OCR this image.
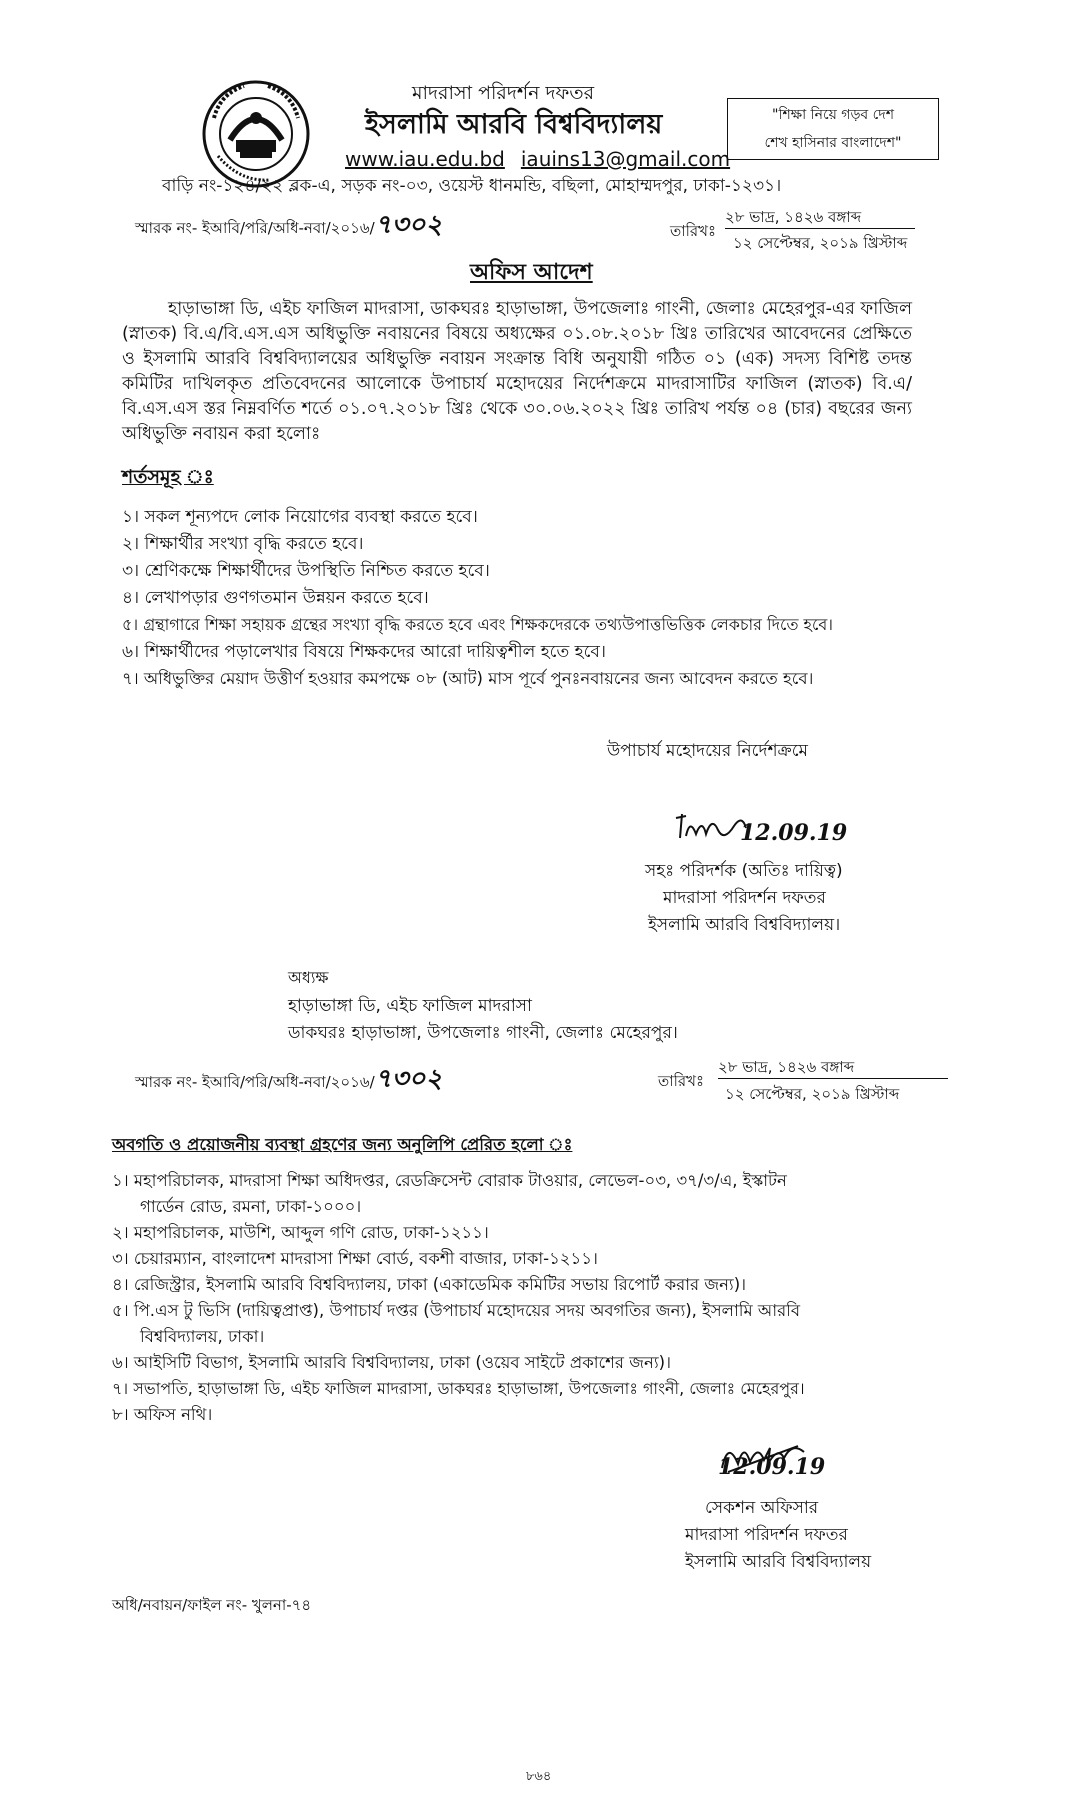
মাদরাসা পরিদর্শন দফতর
ইসলামি আরবি বিশ্ববিদ্যালয়
www.iau.edu.bd iauins13@gmail.com
বাড়ি নং-১২৪/২২ ব্লক-এ, সড়ক নং-০৩, ওয়েস্ট ধানমন্ডি, বছিলা, মোহাম্মদপুর, ঢাকা-১২৩১।
"শিক্ষা নিয়ে গড়ব দেশ
শেখ হাসিনার বাংলাদেশ"
স্মারক নং- ইআবি/পরি/অধি-নবা/২০১৬/৭৩০২	তারিখঃ
২৮ ভাদ্র, ১৪২৬ বঙ্গাব্দ
১২ সেপ্টেম্বর, ২০১৯ খ্রিস্টাব্দ
অফিস আদেশ
হাড়াভাঙ্গা ডি, এইচ ফাজিল মাদরাসা, ডাকঘরঃ হাড়াভাঙ্গা, উপজেলাঃ গাংনী, জেলাঃ মেহেরপুর-এর ফাজিল (স্নাতক) বি.এ/বি.এস.এস অধিভুক্তি নবায়নের বিষয়ে অধ্যক্ষের ০১.০৮.২০১৮ খ্রিঃ তারিখের আবেদনের প্রেক্ষিতে ও ইসলামি আরবি বিশ্ববিদ্যালয়ের অধিভুক্তি নবায়ন সংক্রান্ত বিধি অনুযায়ী গঠিত ০১ (এক) সদস্য বিশিষ্ট তদন্ত কমিটির দাখিলকৃত প্রতিবেদনের আলোকে উপাচার্য মহোদয়ের নির্দেশক্রমে মাদরাসাটির ফাজিল (স্নাতক) বি.এ/বি.এস.এস স্তর নিম্নবর্ণিত শর্তে ০১.০৭.২০১৮ খ্রিঃ থেকে ৩০.০৬.২০২২ খ্রিঃ তারিখ পর্যন্ত ০৪ (চার) বছরের জন্য অধিভুক্তি নবায়ন করা হলোঃ
শর্তসমূহ ঃ
১। সকল শূন্যপদে লোক নিয়োগের ব্যবস্থা করতে হবে।
২। শিক্ষার্থীর সংখ্যা বৃদ্ধি করতে হবে।
৩। শ্রেণিকক্ষে শিক্ষার্থীদের উপস্থিতি নিশ্চিত করতে হবে।
৪। লেখাপড়ার গুণগতমান উন্নয়ন করতে হবে।
৫। গ্রন্থাগারে শিক্ষা সহায়ক গ্রন্থের সংখ্যা বৃদ্ধি করতে হবে এবং শিক্ষকদেরকে তথ্যউপাত্তভিত্তিক লেকচার দিতে হবে।
৬। শিক্ষার্থীদের পড়ালেখার বিষয়ে শিক্ষকদের আরো দায়িত্বশীল হতে হবে।
৭। অধিভুক্তির মেয়াদ উত্তীর্ণ হওয়ার কমপক্ষে ০৮ (আট) মাস পূর্বে পুনঃনবায়নের জন্য আবেদন করতে হবে।
উপাচার্য মহোদয়ের নির্দেশক্রমে
12.09.19
সহঃ পরিদর্শক (অতিঃ দায়িত্ব)
মাদরাসা পরিদর্শন দফতর
ইসলামি আরবি বিশ্ববিদ্যালয়।
অধ্যক্ষ
হাড়াভাঙ্গা ডি, এইচ ফাজিল মাদরাসা
ডাকঘরঃ হাড়াভাঙ্গা, উপজেলাঃ গাংনী, জেলাঃ মেহেরপুর।
স্মারক নং- ইআবি/পরি/অধি-নবা/২০১৬/৭৩০২	তারিখঃ
২৮ ভাদ্র, ১৪২৬ বঙ্গাব্দ
১২ সেপ্টেম্বর, ২০১৯ খ্রিস্টাব্দ
অবগতি ও প্রয়োজনীয় ব্যবস্থা গ্রহণের জন্য অনুলিপি প্রেরিত হলো ঃ
১। মহাপরিচালক, মাদরাসা শিক্ষা অধিদপ্তর, রেডক্রিসেন্ট বোরাক টাওয়ার, লেভেল-০৩, ৩৭/৩/এ, ইস্কাটন
গার্ডেন রোড, রমনা, ঢাকা-১০০০।
২। মহাপরিচালক, মাউশি, আব্দুল গণি রোড, ঢাকা-১২১১।
৩। চেয়ারম্যান, বাংলাদেশ মাদরাসা শিক্ষা বোর্ড, বকশী বাজার, ঢাকা-১২১১।
৪। রেজিস্ট্রার, ইসলামি আরবি বিশ্ববিদ্যালয়, ঢাকা (একাডেমিক কমিটির সভায় রিপোর্ট করার জন্য)।
৫। পি.এস টু ভিসি (দায়িত্বপ্রাপ্ত), উপাচার্য দপ্তর (উপাচার্য মহোদয়ের সদয় অবগতির জন্য), ইসলামি আরবি
বিশ্ববিদ্যালয়, ঢাকা।
৬। আইসিটি বিভাগ, ইসলামি আরবি বিশ্ববিদ্যালয়, ঢাকা (ওয়েব সাইটে প্রকাশের জন্য)।
৭। সভাপতি, হাড়াভাঙ্গা ডি, এইচ ফাজিল মাদরাসা, ডাকঘরঃ হাড়াভাঙ্গা, উপজেলাঃ গাংনী, জেলাঃ মেহেরপুর।
৮। অফিস নথি।
12.09.19
সেকশন অফিসার
মাদরাসা পরিদর্শন দফতর
ইসলামি আরবি বিশ্ববিদ্যালয়
অধি/নবায়ন/ফাইল নং- খুলনা-৭৪
৮৬৪
